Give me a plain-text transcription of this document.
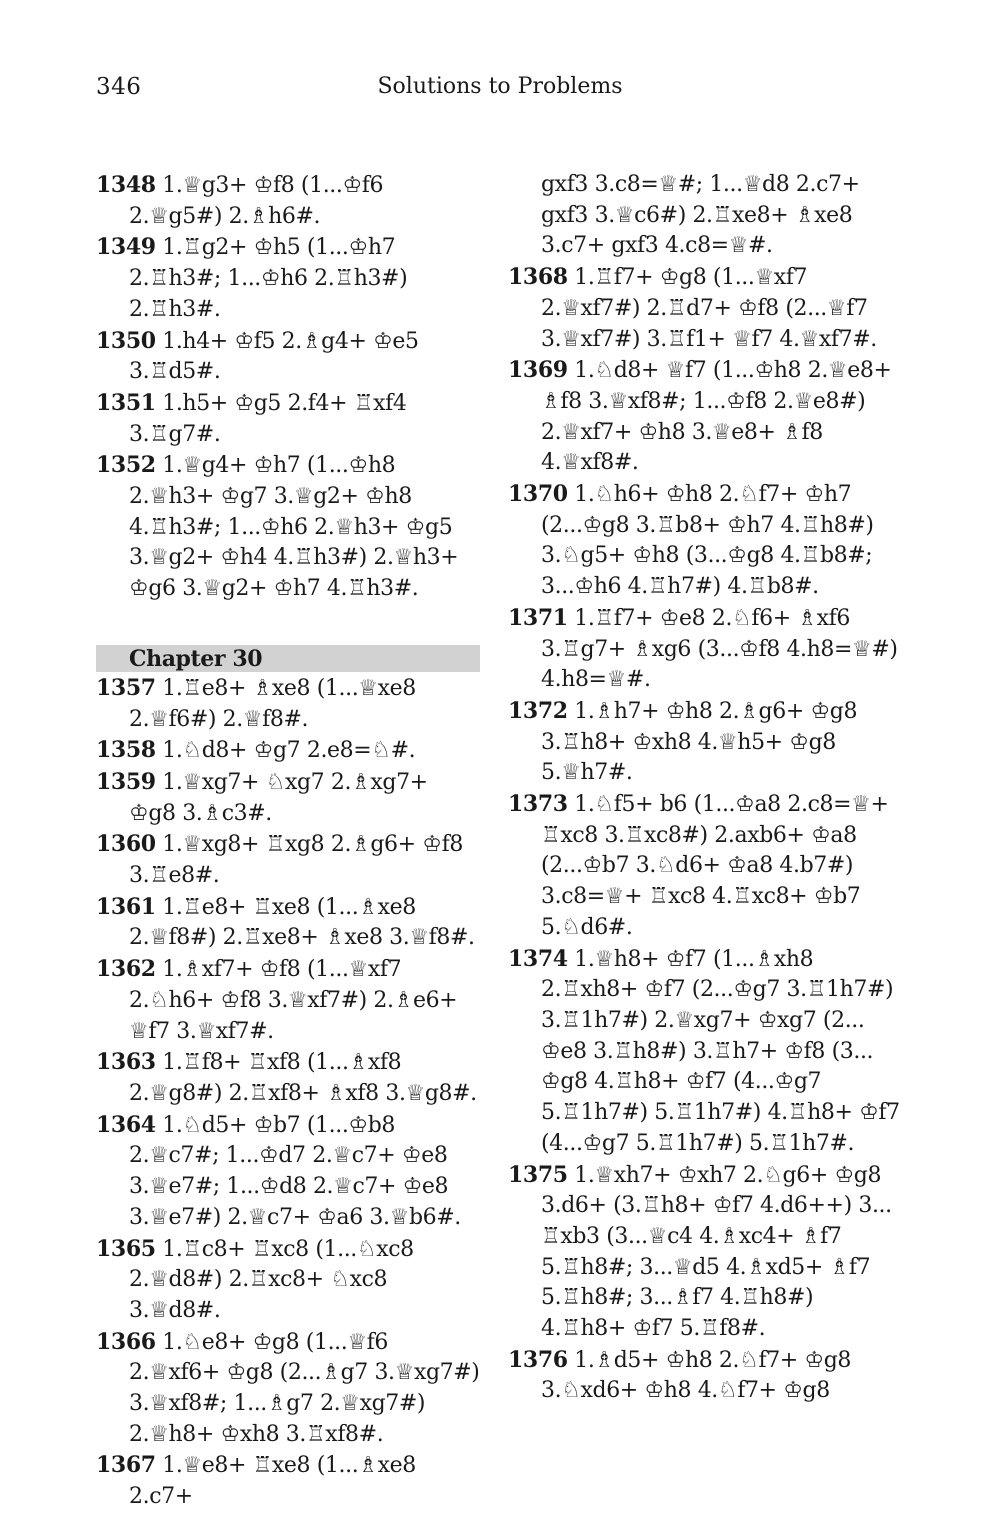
346	Solutions to Problems
1348 1.♕g3+ ♔f8 (1...♔f6 2.♕g5#) 2.♗h6#.
1349 1.♖g2+ ♔h5 (1...♔h7 2.♖h3#; 1...♔h6 2.♖h3#) 2.♖h3#.
1350 1.h4+ ♔f5 2.♗g4+ ♔e5 3.♖d5#.
1351 1.h5+ ♔g5 2.f4+ ♖xf4 3.♖g7#.
1352 1.♕g4+ ♔h7 (1...♔h8 2.♕h3+ ♔g7 3.♕g2+ ♔h8 4.♖h3#; 1...♔h6 2.♕h3+ ♔g5 3.♕g2+ ♔h4 4.♖h3#) 2.♕h3+ ♔g6 3.♕g2+ ♔h7 4.♖h3#.
Chapter 30
1357 1.♖e8+ ♗xe8 (1...♕xe8 2.♕f6#) 2.♕f8#.
1358 1.♘d8+ ♔g7 2.e8=♘#.
1359 1.♕xg7+ ♘xg7 2.♗xg7+ ♔g8 3.♗c3#.
1360 1.♕xg8+ ♖xg8 2.♗g6+ ♔f8 3.♖e8#.
1361 1.♖e8+ ♖xe8 (1...♗xe8 2.♕f8#) 2.♖xe8+ ♗xe8 3.♕f8#.
1362 1.♗xf7+ ♔f8 (1...♕xf7 2.♘h6+ ♔f8 3.♕xf7#) 2.♗e6+ ♕f7 3.♕xf7#.
1363 1.♖f8+ ♖xf8 (1...♗xf8 2.♕g8#) 2.♖xf8+ ♗xf8 3.♕g8#.
1364 1.♘d5+ ♔b7 (1...♔b8 2.♕c7#; 1...♔d7 2.♕c7+ ♔e8 3.♕e7#; 1...♔d8 2.♕c7+ ♔e8 3.♕e7#) 2.♕c7+ ♔a6 3.♕b6#.
1365 1.♖c8+ ♖xc8 (1...♘xc8 2.♕d8#) 2.♖xc8+ ♘xc8 3.♕d8#.
1366 1.♘e8+ ♔g8 (1...♕f6 2.♕xf6+ ♔g8 (2...♗g7 3.♕xg7#) 3.♕xf8#; 1...♗g7 2.♕xg7#) 2.♕h8+ ♔xh8 3.♖xf8#.
1367 1.♕e8+ ♖xe8 (1...♗xe8 2.c7+
gxf3 3.c8=♕#; 1...♕d8 2.c7+ gxf3 3.♕c6#) 2.♖xe8+ ♗xe8 3.c7+ gxf3 4.c8=♕#.
1368 1.♖f7+ ♔g8 (1...♕xf7 2.♕xf7#) 2.♖d7+ ♔f8 (2...♕f7 3.♕xf7#) 3.♖f1+ ♕f7 4.♕xf7#.
1369 1.♘d8+ ♕f7 (1...♔h8 2.♕e8+ ♗f8 3.♕xf8#; 1...♔f8 2.♕e8#) 2.♕xf7+ ♔h8 3.♕e8+ ♗f8 4.♕xf8#.
1370 1.♘h6+ ♔h8 2.♘f7+ ♔h7 (2...♔g8 3.♖b8+ ♔h7 4.♖h8#) 3.♘g5+ ♔h8 (3...♔g8 4.♖b8#; 3...♔h6 4.♖h7#) 4.♖b8#.
1371 1.♖f7+ ♔e8 2.♘f6+ ♗xf6 3.♖g7+ ♗xg6 (3...♔f8 4.h8=♕#) 4.h8=♕#.
1372 1.♗h7+ ♔h8 2.♗g6+ ♔g8 3.♖h8+ ♔xh8 4.♕h5+ ♔g8 5.♕h7#.
1373 1.♘f5+ b6 (1...♔a8 2.c8=♕+ ♖xc8 3.♖xc8#) 2.axb6+ ♔a8 (2...♔b7 3.♘d6+ ♔a8 4.b7#) 3.c8=♕+ ♖xc8 4.♖xc8+ ♔b7 5.♘d6#.
1374 1.♕h8+ ♔f7 (1...♗xh8 2.♖xh8+ ♔f7 (2...♔g7 3.♖1h7#) 3.♖1h7#) 2.♕xg7+ ♔xg7 (2... ♔e8 3.♖h8#) 3.♖h7+ ♔f8 (3... ♔g8 4.♖h8+ ♔f7 (4...♔g7 5.♖1h7#) 5.♖1h7#) 4.♖h8+ ♔f7 (4...♔g7 5.♖1h7#) 5.♖1h7#.
1375 1.♕xh7+ ♔xh7 2.♘g6+ ♔g8 3.d6+ (3.♖h8+ ♔f7 4.d6++) 3... ♖xb3 (3...♕c4 4.♗xc4+ ♗f7 5.♖h8#; 3...♕d5 4.♗xd5+ ♗f7 5.♖h8#; 3...♗f7 4.♖h8#) 4.♖h8+ ♔f7 5.♖f8#.
1376 1.♗d5+ ♔h8 2.♘f7+ ♔g8 3.♘xd6+ ♔h8 4.♘f7+ ♔g8
